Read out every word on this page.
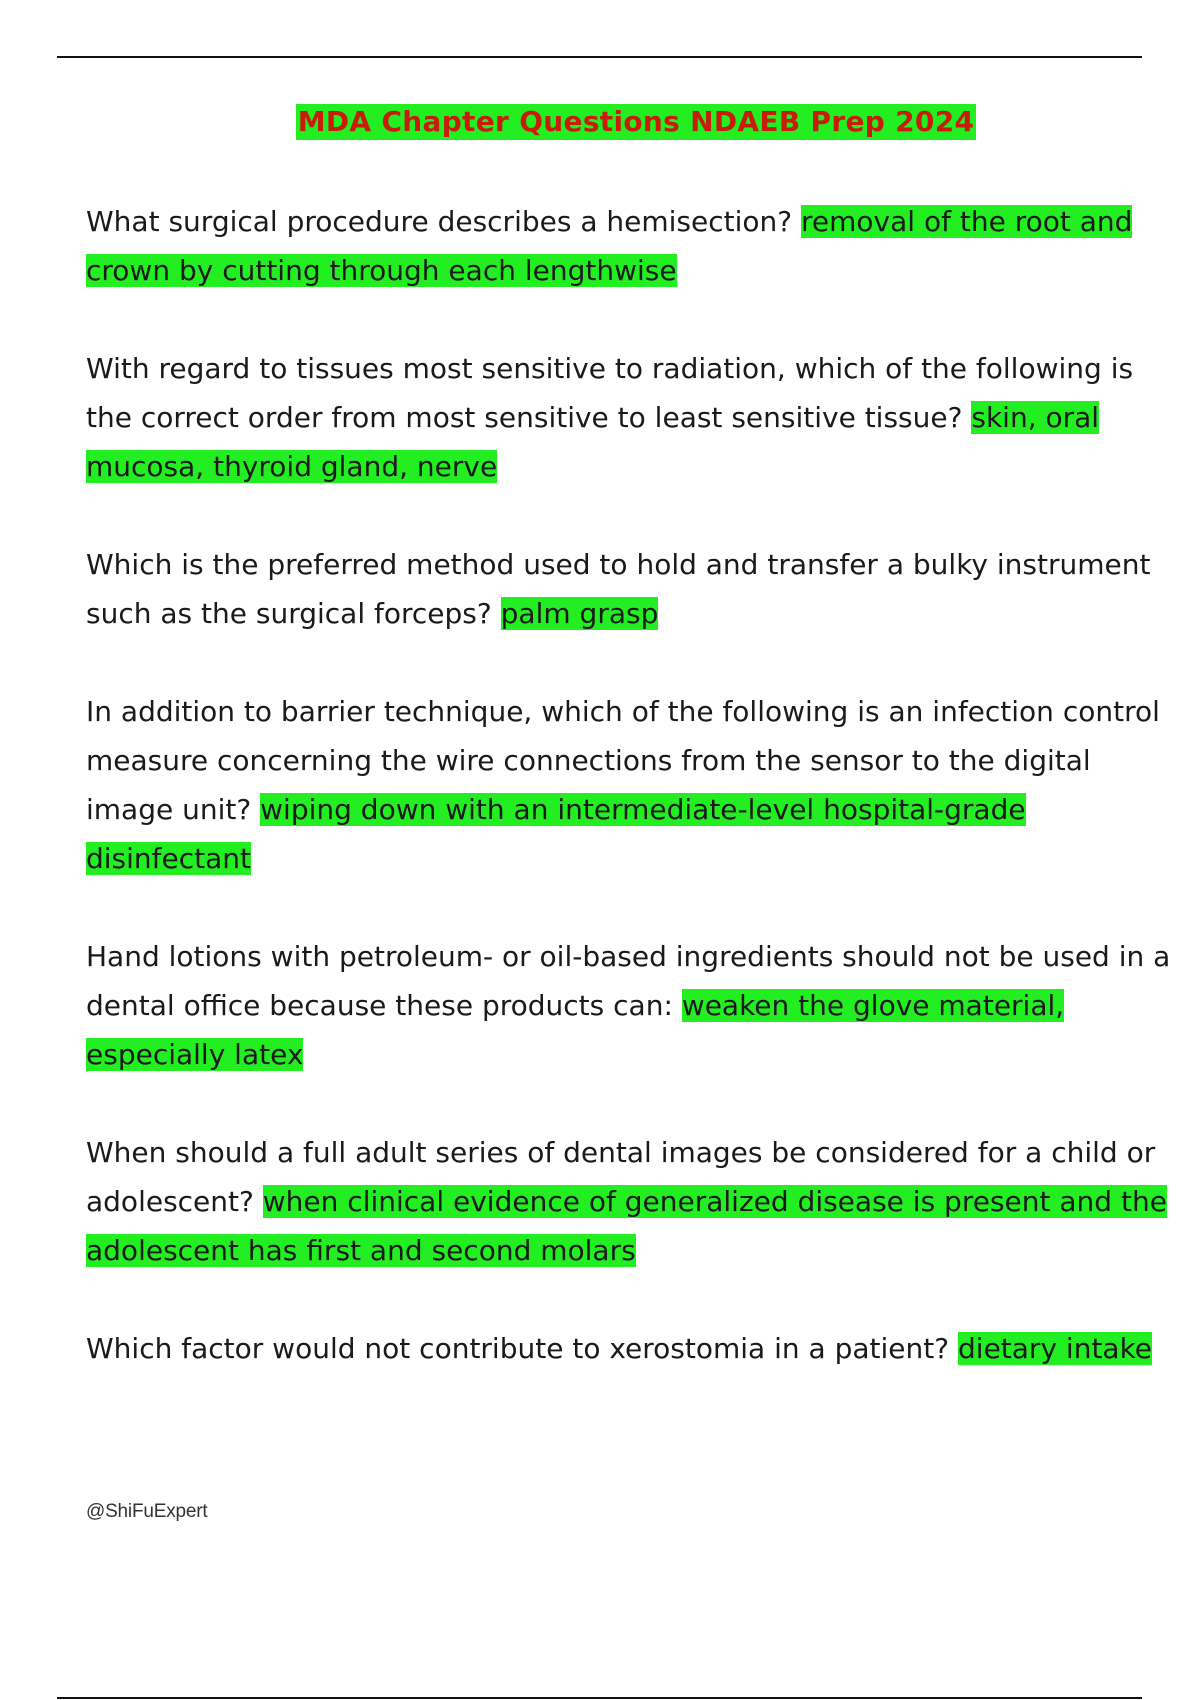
MDA Chapter Questions NDAEB Prep 2024

What surgical procedure describes a hemisection? removal of the root and crown by cutting through each lengthwise

With regard to tissues most sensitive to radiation, which of the following is the correct order from most sensitive to least sensitive tissue? skin, oral mucosa, thyroid gland, nerve

Which is the preferred method used to hold and transfer a bulky instrument such as the surgical forceps? palm grasp

In addition to barrier technique, which of the following is an infection control measure concerning the wire connections from the sensor to the digital image unit? wiping down with an intermediate-level hospital-grade disinfectant

Hand lotions with petroleum- or oil-based ingredients should not be used in a dental office because these products can: weaken the glove material, especially latex

When should a full adult series of dental images be considered for a child or adolescent? when clinical evidence of generalized disease is present and the adolescent has first and second molars

Which factor would not contribute to xerostomia in a patient? dietary intake

@ShiFuExpert
